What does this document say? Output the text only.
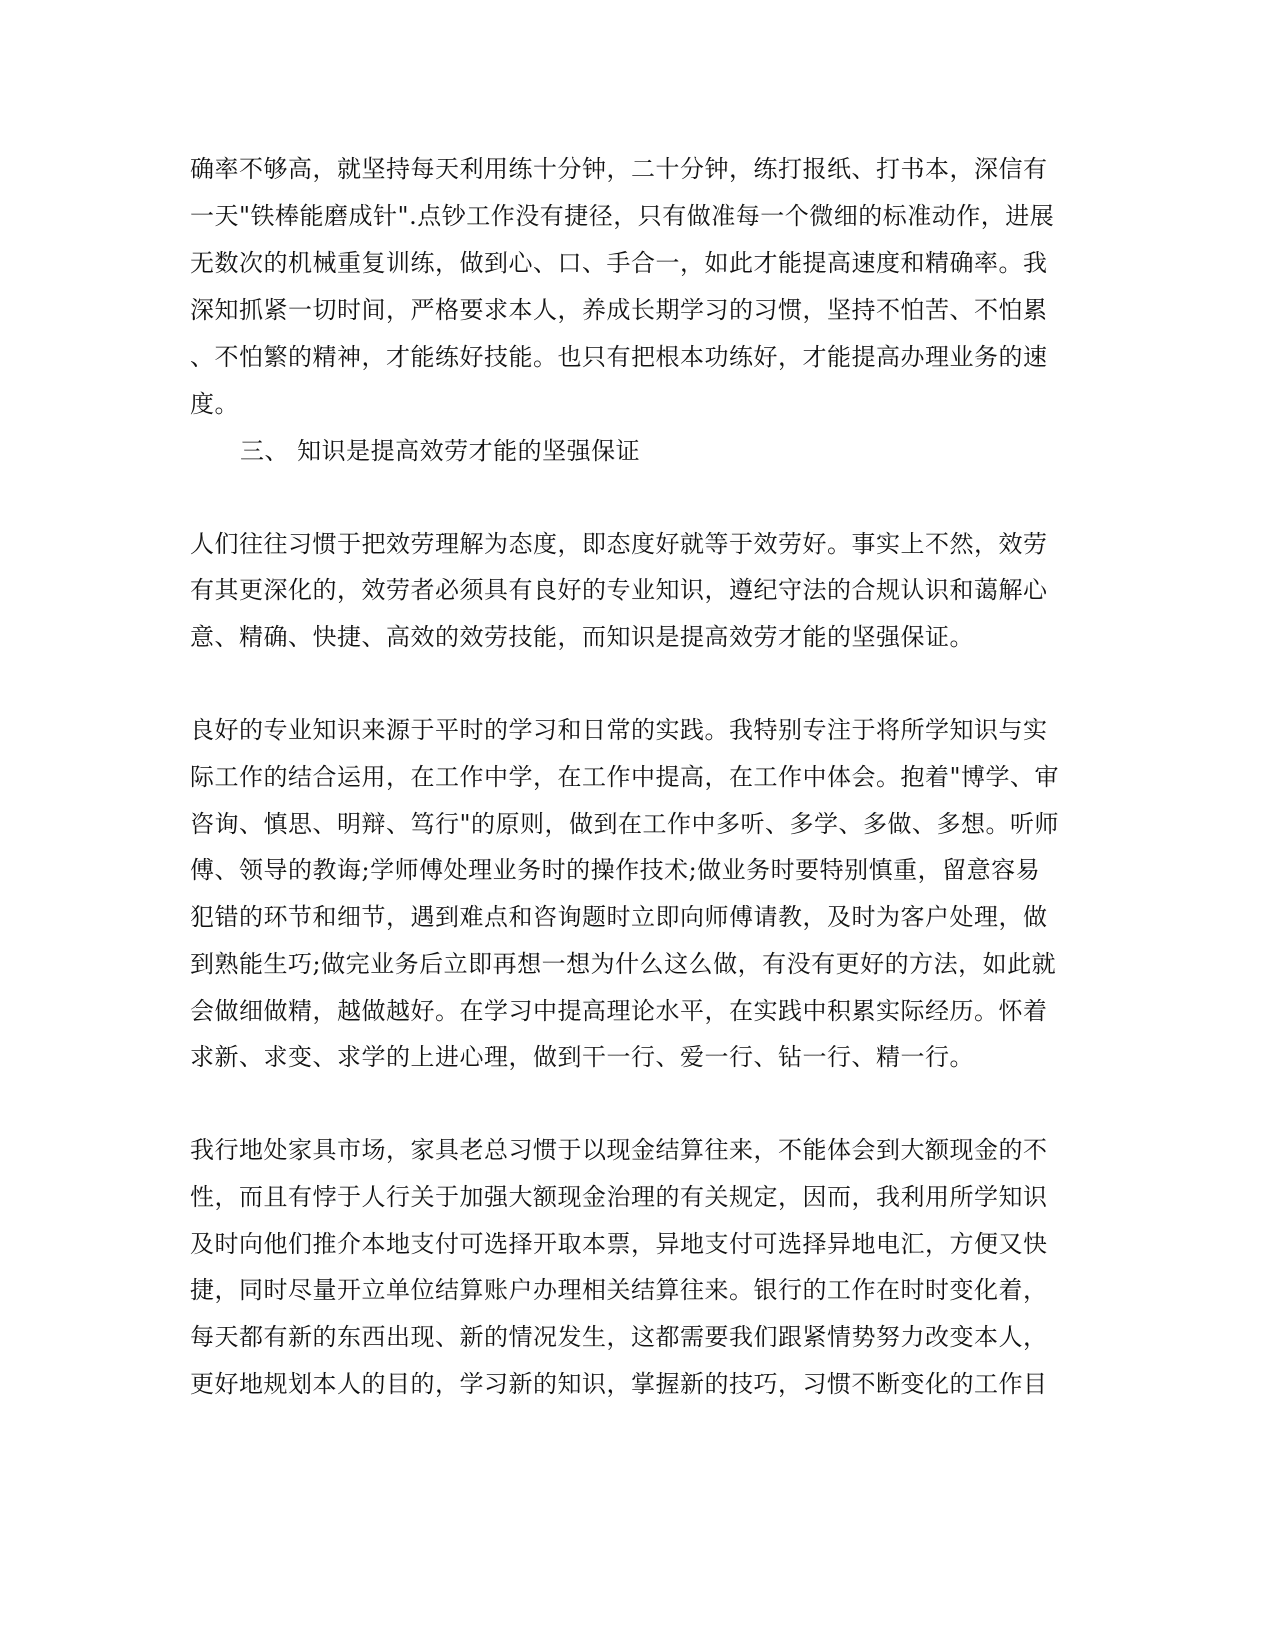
确率不够高，就坚持每天利用练十分钟，二十分钟，练打报纸、打书本，深信有
一天"铁棒能磨成针".点钞工作没有捷径，只有做准每一个微细的标准动作，进展
无数次的机械重复训练，做到心、口、手合一，如此才能提高速度和精确率。我
深知抓紧一切时间，严格要求本人，养成长期学习的习惯，坚持不怕苦、不怕累
、不怕繁的精神，才能练好技能。也只有把根本功练好，才能提高办理业务的速
度。
三、 知识是提高效劳才能的坚强保证
人们往往习惯于把效劳理解为态度，即态度好就等于效劳好。事实上不然，效劳
有其更深化的，效劳者必须具有良好的专业知识，遵纪守法的合规认识和蔼解心
意、精确、快捷、高效的效劳技能，而知识是提高效劳才能的坚强保证。
良好的专业知识来源于平时的学习和日常的实践。我特别专注于将所学知识与实
际工作的结合运用，在工作中学，在工作中提高，在工作中体会。抱着"博学、审
咨询、慎思、明辩、笃行"的原则，做到在工作中多听、多学、多做、多想。听师
傅、领导的教诲;学师傅处理业务时的操作技术;做业务时要特别慎重，留意容易
犯错的环节和细节，遇到难点和咨询题时立即向师傅请教，及时为客户处理，做
到熟能生巧;做完业务后立即再想一想为什么这么做，有没有更好的方法，如此就
会做细做精，越做越好。在学习中提高理论水平，在实践中积累实际经历。怀着
求新、求变、求学的上进心理，做到干一行、爱一行、钻一行、精一行。
我行地处家具市场，家具老总习惯于以现金结算往来，不能体会到大额现金的不
性，而且有悖于人行关于加强大额现金治理的有关规定，因而，我利用所学知识
及时向他们推介本地支付可选择开取本票，异地支付可选择异地电汇，方便又快
捷，同时尽量开立单位结算账户办理相关结算往来。银行的工作在时时变化着，
每天都有新的东西出现、新的情况发生，这都需要我们跟紧情势努力改变本人，
更好地规划本人的目的，学习新的知识，掌握新的技巧，习惯不断变化的工作目
